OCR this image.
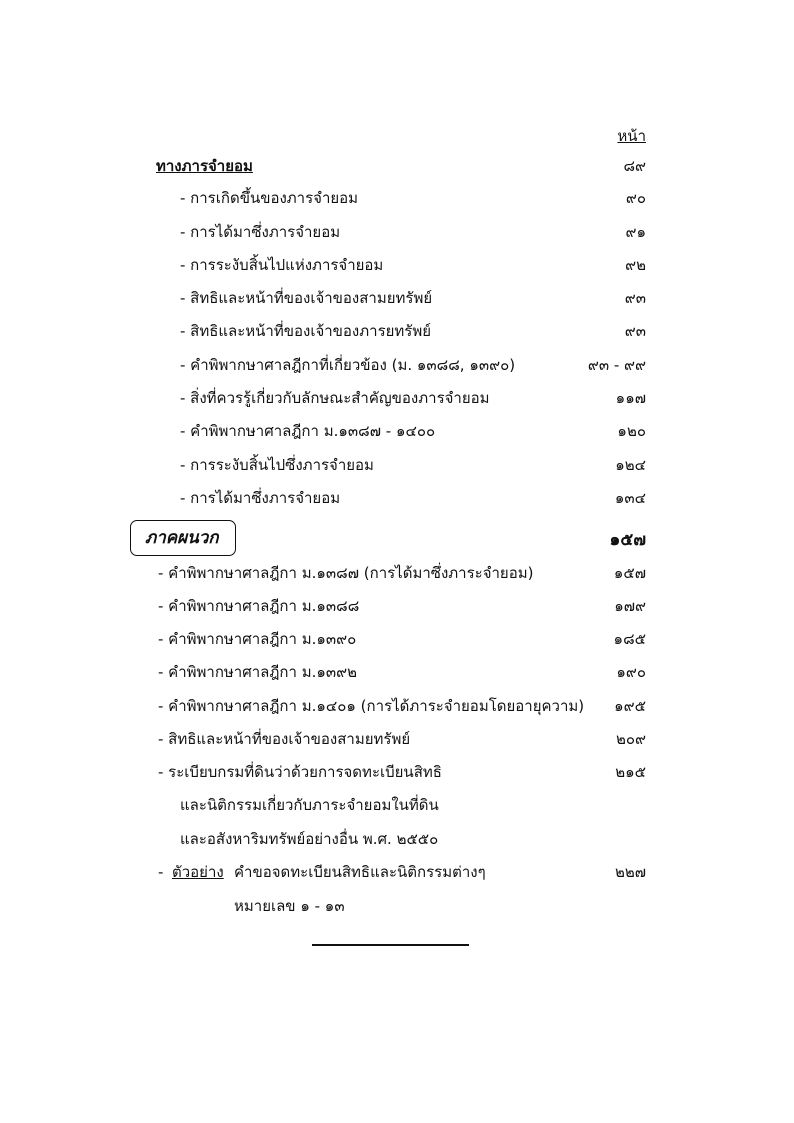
หน้า
ทางภารจำยอม	๘๙
- การเกิดขึ้นของภารจำยอม	๙๐
- การได้มาซึ่งภารจำยอม	๙๑
- การระงับสิ้นไปแห่งภารจำยอม	๙๒
- สิทธิและหน้าที่ของเจ้าของสามยทรัพย์	๙๓
- สิทธิและหน้าที่ของเจ้าของภารยทรัพย์	๙๓
- คำพิพากษาศาลฎีกาที่เกี่ยวข้อง (ม. ๑๓๘๘, ๑๓๙๐)	๙๓ - ๙๙
- สิ่งที่ควรรู้เกี่ยวกับลักษณะสำคัญของภารจำยอม	๑๑๗
- คำพิพากษาศาลฎีกา ม.๑๓๘๗ - ๑๔๐๐	๑๒๐
- การระงับสิ้นไปซึ่งภารจำยอม	๑๒๔
- การได้มาซึ่งภารจำยอม	๑๓๔
ภาคผนวก	๑๕๗
- คำพิพากษาศาลฎีกา ม.๑๓๘๗ (การได้มาซึ่งภาระจำยอม)	๑๕๗
- คำพิพากษาศาลฎีกา ม.๑๓๘๘	๑๗๙
- คำพิพากษาศาลฎีกา ม.๑๓๙๐	๑๘๕
- คำพิพากษาศาลฎีกา ม.๑๓๙๒	๑๙๐
- คำพิพากษาศาลฎีกา ม.๑๔๐๑ (การได้ภาระจำยอมโดยอายุความ) ๑๙๕
- สิทธิและหน้าที่ของเจ้าของสามยทรัพย์	๒๐๙
- ระเบียบกรมที่ดินว่าด้วยการจดทะเบียนสิทธิ	๒๑๕
และนิติกรรมเกี่ยวกับภาระจำยอมในที่ดิน
และอสังหาริมทรัพย์อย่างอื่น พ.ศ. ๒๕๕๐
- ตัวอย่าง คำขอจดทะเบียนสิทธิและนิติกรรมต่างๆ	๒๒๗
หมายเลข ๑ - ๑๓
